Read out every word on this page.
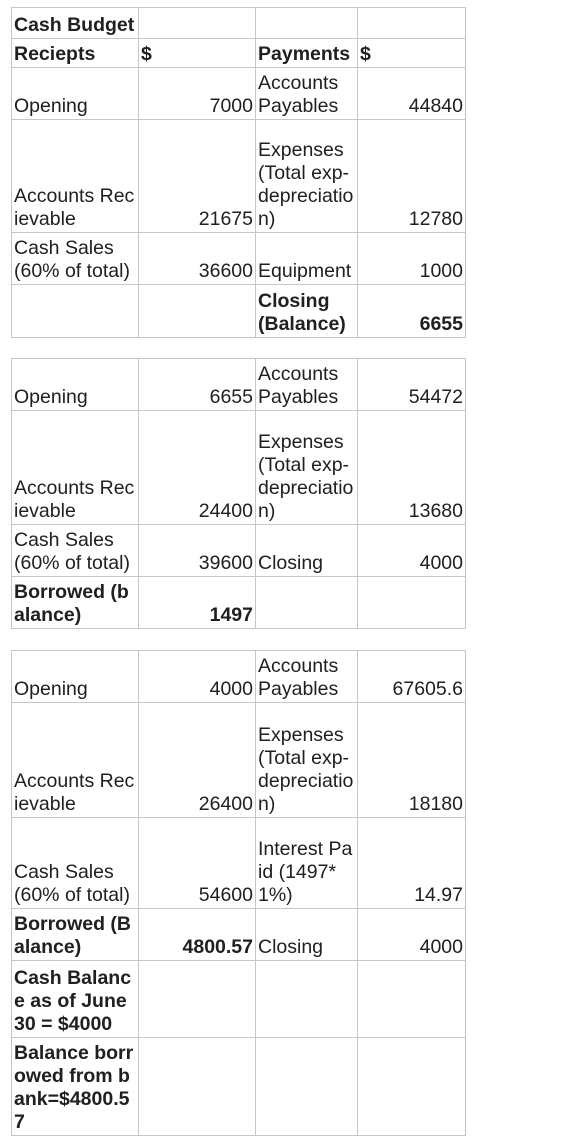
Cash Budget			
Reciepts	$	Payments	$
Opening	7000	Accounts Payables	44840
Accounts Recievable	21675	Expenses (Total exp-depreciation)	12780
Cash Sales (60% of total)	36600	Equipment	1000
		Closing (Balance)	6655
Opening	6655	Accounts Payables	54472
Accounts Recievable	24400	Expenses (Total exp-depreciation)	13680
Cash Sales (60% of total)	39600	Closing	4000
Borrowed (balance)	1497		
Opening	4000	Accounts Payables	67605.6
Accounts Recievable	26400	Expenses (Total exp-depreciation)	18180
Cash Sales (60% of total)	54600	Interest Paid (1497*1%)	14.97
Borrowed (Balance)	4800.57	Closing	4000
Cash Balance as of June 30 = $4000			
Balance borrowed from bank=$4800.57			
